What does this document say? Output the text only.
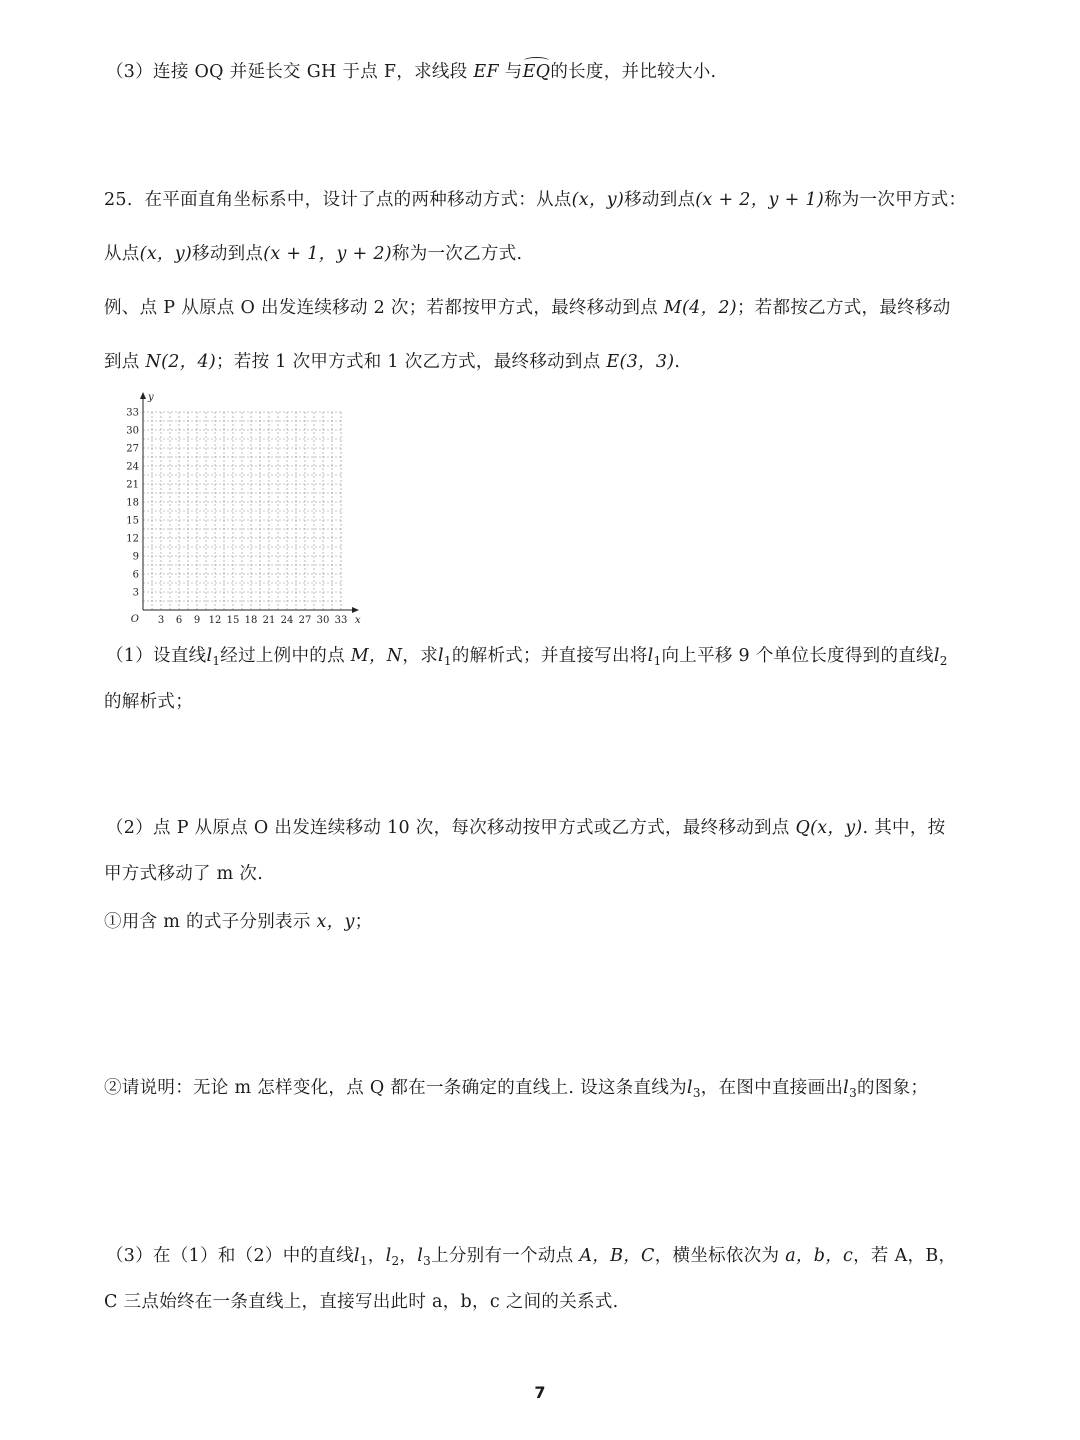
（3）连接 OQ 并延长交 GH 于点 F，求线段 EF 与EQ的长度，并比较大小.
25. 在平面直角坐标系中，设计了点的两种移动方式：从点(x，y)移动到点(x + 2，y + 1)称为一次甲方式：
从点(x，y)移动到点(x + 1，y + 2)称为一次乙方式.
例、点 P 从原点 O 出发连续移动 2 次；若都按甲方式，最终移动到点 M(4，2)；若都按乙方式，最终移动
到点 N(2，4)；若按 1 次甲方式和 1 次乙方式，最终移动到点 E(3，3).
3 6 9 12 15 18 21 24 27 30 33
3
6
9
12
15
18
21
24
27
30
33
O	x
y
（1）设直线$l_1$经过上例中的点 M，N，求$l_1$的解析式；并直接写出将$l_1$向上平移 9 个单位长度得到的直线$l_2$
的解析式；
（2）点 P 从原点 O 出发连续移动 10 次，每次移动按甲方式或乙方式，最终移动到点 Q(x，y). 其中，按
甲方式移动了 m 次.
①用含 m 的式子分别表示 x，y；
②请说明：无论 m 怎样变化，点 Q 都在一条确定的直线上. 设这条直线为$l_3$，在图中直接画出$l_3$的图象；
（3）在（1）和（2）中的直线$l_1$，$l_2$，$l_3$上分别有一个动点 A，B，C，横坐标依次为 a，b，c，若 A，B，
C 三点始终在一条直线上，直接写出此时 a，b，c 之间的关系式.
7
